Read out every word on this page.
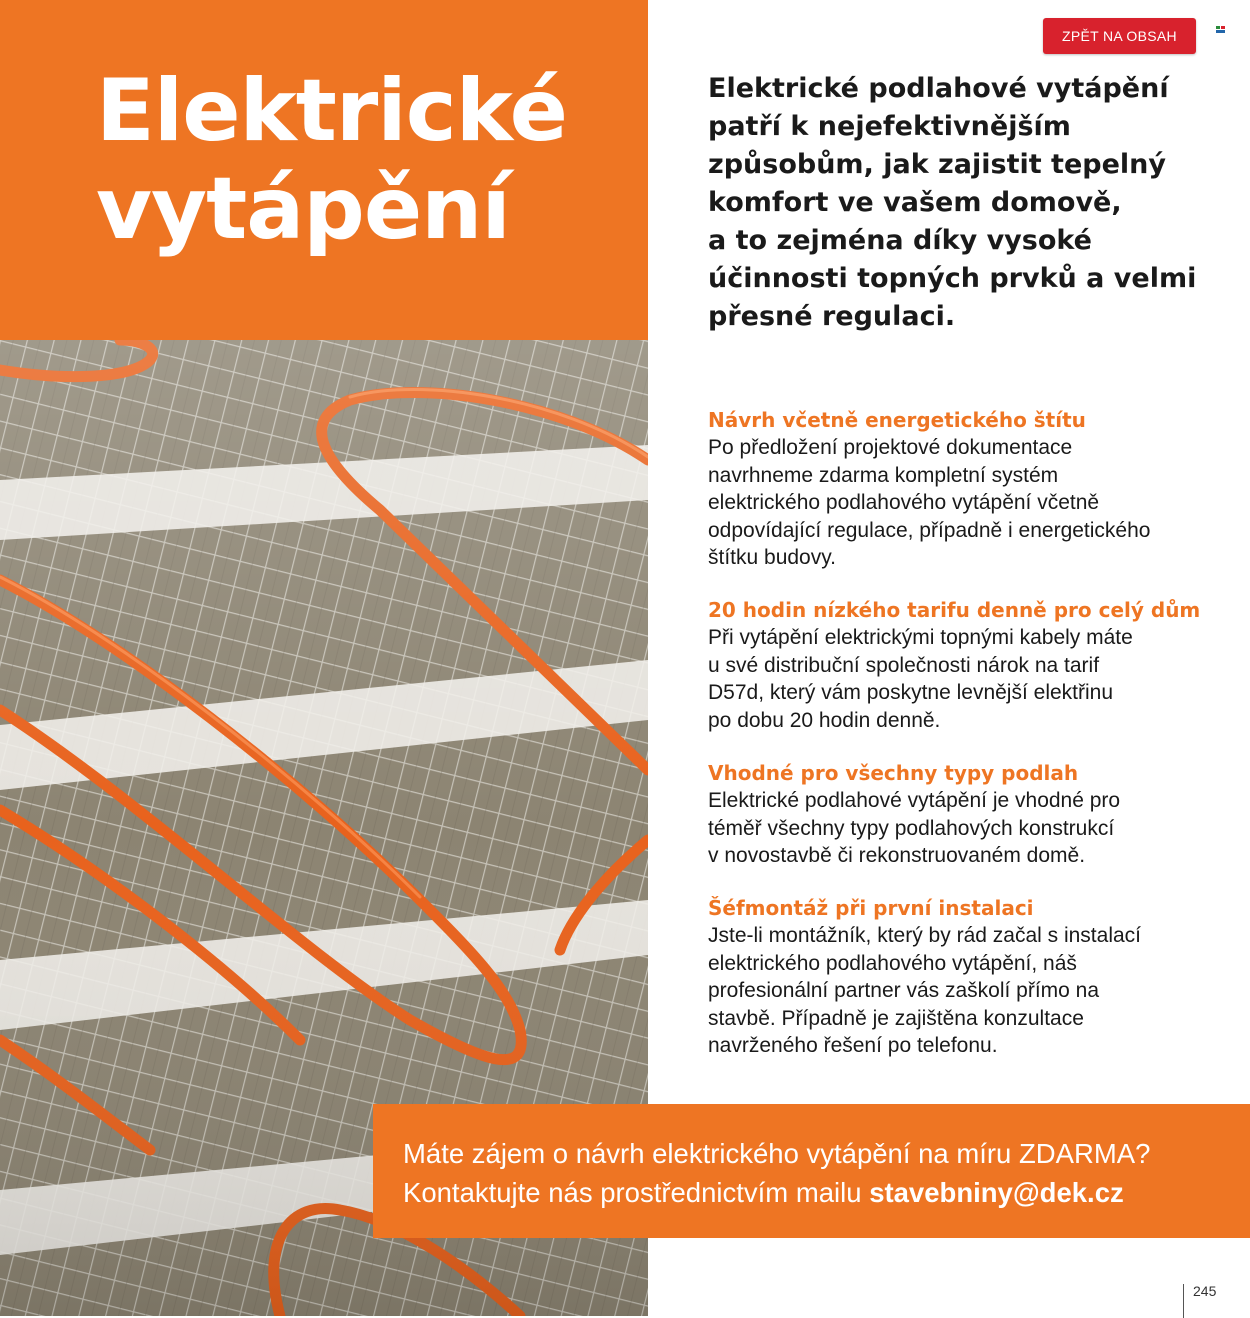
Elektrické
vytápění
ZPĚT NA OBSAH
Elektrické podlahové vytápění
patří k nejefektivnějším
způsobům, jak zajistit tepelný
komfort ve vašem domově,
a to zejména díky vysoké
účinnosti topných prvků a velmi
přesné regulaci.
Návrh včetně energetického štítu

Po předložení projektové dokumentace
navrhneme zdarma kompletní systém
elektrického podlahového vytápění včetně
odpovídající regulace, případně i energetického
štítku budovy.

20 hodin nízkého tarifu denně pro celý dům

Při vytápění elektrickými topnými kabely máte
u své distribuční společnosti nárok na tarif
D57d, který vám poskytne levnější elektřinu
po dobu 20 hodin denně.

Vhodné pro všechny typy podlah

Elektrické podlahové vytápění je vhodné pro
téměř všechny typy podlahových konstrukcí
v novostavbě či rekonstruovaném domě.

Šéfmontáž při první instalaci

Jste-li montážník, který by rád začal s instalací
elektrického podlahového vytápění, náš
profesionální partner vás zaškolí přímo na
stavbě. Případně je zajištěna konzultace
navrženého řešení po telefonu.

Máte zájem o návrh elektrického vytápění na míru ZDARMA?
Kontaktujte nás prostřednictvím mailu stavebniny@dek.cz
245
